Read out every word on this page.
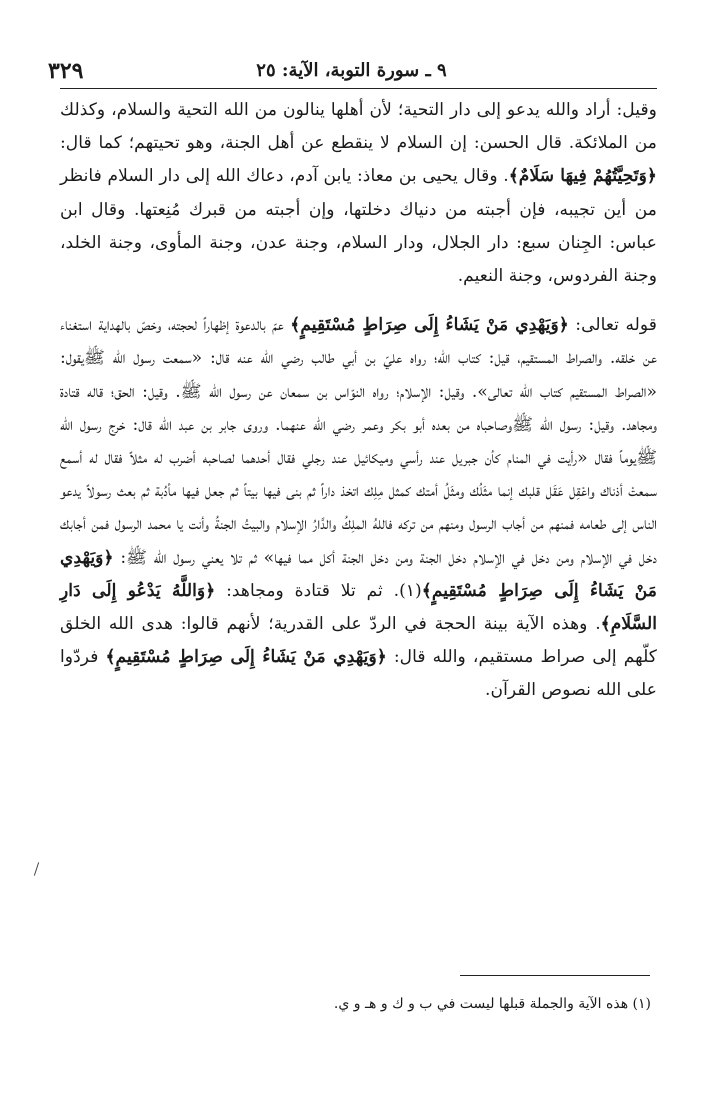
٣٢٩	٩ ـ سورة التوبة، الآية: ٢٥

وقيل: أراد والله يدعو إلى دار التحية؛ لأن أهلها ينالون من الله التحية والسلام، وكذلك من الملائكة. قال الحسن: إن السلام لا ينقطع عن أهل الجنة، وهو تحيتهم؛ كما قال: ﴿وَتَحِيَّتُهُمْ فِيهَا سَلَامٌ﴾. وقال يحيى بن معاذ: يابن آدم، دعاك الله إلى دار السلام فانظر من أين تجيبه، فإن أجبته من دنياك دخلتها، وإن أجبته من قبرك مُنِعتها. وقال ابن عباس: الجِنان سبع: دار الجلال، ودار السلام، وجنة عدن، وجنة المأوى، وجنة الخلد، وجنة الفردوس، وجنة النعيم.

قوله تعالى: ﴿وَيَهْدِي مَنْ يَشَاءُ إِلَى صِرَاطٍ مُسْتَقِيمٍ﴾ عمّ بالدعوة إظهاراً لحجته، وخصّ بالهداية استغناء عن خلقه. والصراط المستقيم، قيل: كتاب الله؛ رواه عليّ بن أبي طالب رضي الله عنه قال: «سمعت رسول الله ﷺيقول: «الصراط المستقيم كتاب الله تعالى». وقيل: الإسلام؛ رواه النوّاس بن سمعان عن رسول الله ﷺ. وقيل: الحق؛ قاله قتادة ومجاهد. وقيل: رسول الله ﷺوصاحباه من بعده أبو بكر وعمر رضي الله عنهما. وروى جابر بن عبد الله قال: خرج رسول الله ﷺيوماً فقال «رأيت في المنام كأن جبريل عند رأسي وميكائيل عند رجلي فقال أحدهما لصاحبه أضرب له مثلاً فقال له أسمع سمعتْ أذناك واعْقِل عَقَل قلبك إنما مثَلُك ومثَلُ أمتك كمثل مِلِك اتخذ داراً ثم بنى فيها بيتاً ثم جعل فيها مأدُبة ثم بعث رسولاً يدعو الناس إلى طعامه فمنهم من أجاب الرسول ومنهم من تركه فاللهُ الملِكُ والدَّارُ الإسلام والبيتُ الجنةُ وأنت يا محمد الرسول فمن أجابك دخل في الإسلام ومن دخل في الإسلام دخل الجنة ومن دخل الجنة أكل مما فيها» ثم تلا يعني رسول الله ﷺ: ﴿وَيَهْدِي مَنْ يَشَاءُ إِلَى صِرَاطٍ مُسْتَقِيمٍ﴾(١). ثم تلا قتادة ومجاهد: ﴿وَاللَّهُ يَدْعُو إِلَى دَارِ السَّلَامِ﴾. وهذه الآية بينة الحجة في الردّ على القدرية؛ لأنهم قالوا: هدى الله الخلق كلّهم إلى صراط مستقيم، والله قال: ﴿وَيَهْدِي مَنْ يَشَاءُ إِلَى صِرَاطٍ مُسْتَقِيمٍ﴾ فردّوا على الله نصوص القرآن.

(١) هذه الآية والجملة قبلها ليست في ب و ك و هـ و ي.
